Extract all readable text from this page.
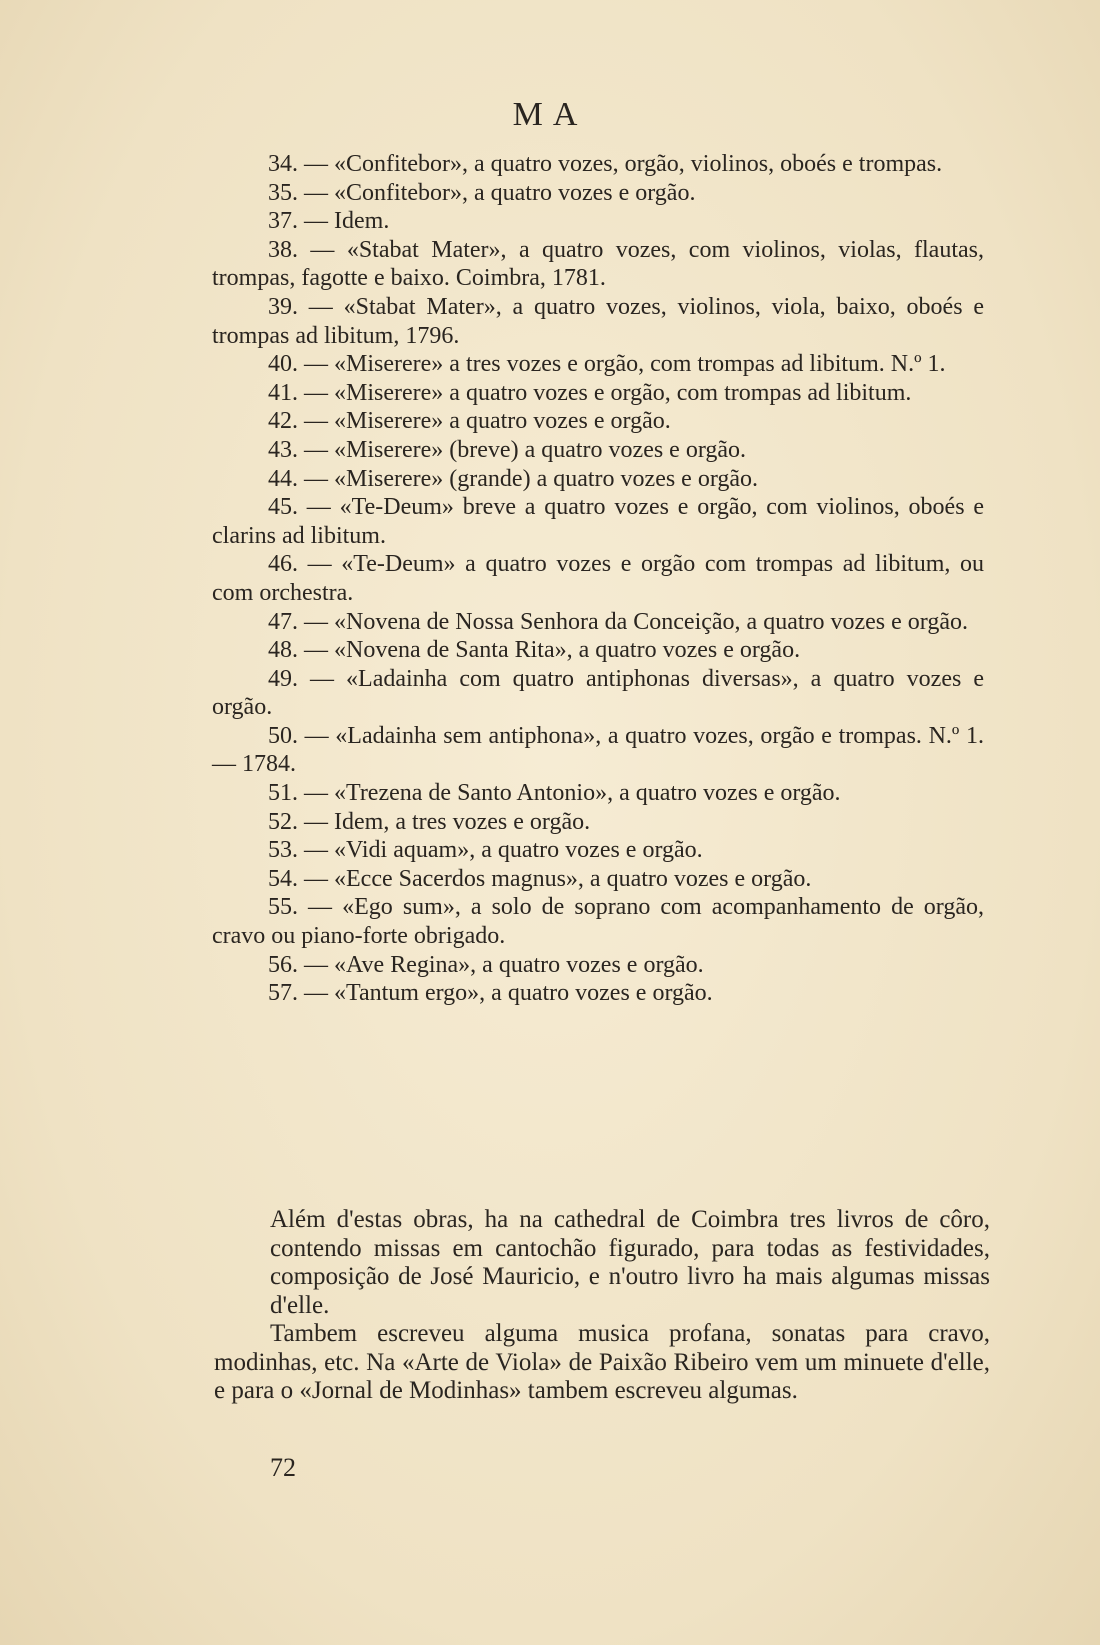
MA

34. — «Confitebor», a quatro vozes, orgão, violinos, oboés e trompas.

35. — «Confitebor», a quatro vozes e orgão.

37. — Idem.

38. — «Stabat Mater», a quatro vozes, com violinos, violas, flautas, trompas, fagotte e baixo. Coimbra, 1781.

39. — «Stabat Mater», a quatro vozes, violinos, viola, baixo, oboés e trompas ad libitum, 1796.

40. — «Miserere» a tres vozes e orgão, com trompas ad libitum. N.º 1.

41. — «Miserere» a quatro vozes e orgão, com trompas ad libitum.

42. — «Miserere» a quatro vozes e orgão.

43. — «Miserere» (breve) a quatro vozes e orgão.

44. — «Miserere» (grande) a quatro vozes e orgão.

45. — «Te-Deum» breve a quatro vozes e orgão, com violinos, oboés e clarins ad libitum.

46. — «Te-Deum» a quatro vozes e orgão com trompas ad libitum, ou com orchestra.

47. — «Novena de Nossa Senhora da Conceição, a quatro vozes e orgão.

48. — «Novena de Santa Rita», a quatro vozes e orgão.

49. — «Ladainha com quatro antiphonas diversas», a quatro vozes e orgão.

50. — «Ladainha sem antiphona», a quatro vozes, orgão e trompas. N.º 1. — 1784.

51. — «Trezena de Santo Antonio», a quatro vozes e orgão.

52. — Idem, a tres vozes e orgão.

53. — «Vidi aquam», a quatro vozes e orgão.

54. — «Ecce Sacerdos magnus», a quatro vozes e orgão.

55. — «Ego sum», a solo de soprano com acompanhamento de orgão, cravo ou piano-forte obrigado.

56. — «Ave Regina», a quatro vozes e orgão.

57. — «Tantum ergo», a quatro vozes e orgão.

Além d'estas obras, ha na cathedral de Coimbra tres livros de côro, contendo missas em cantochão figurado, para todas as festividades, composição de José Mauricio, e n'outro livro ha mais algumas missas d'elle.

Tambem escreveu alguma musica profana, sonatas para cravo, modinhas, etc. Na «Arte de Viola» de Paixão Ribeiro vem um minuete d'elle, e para o «Jornal de Modinhas» tambem escreveu algumas.

72
